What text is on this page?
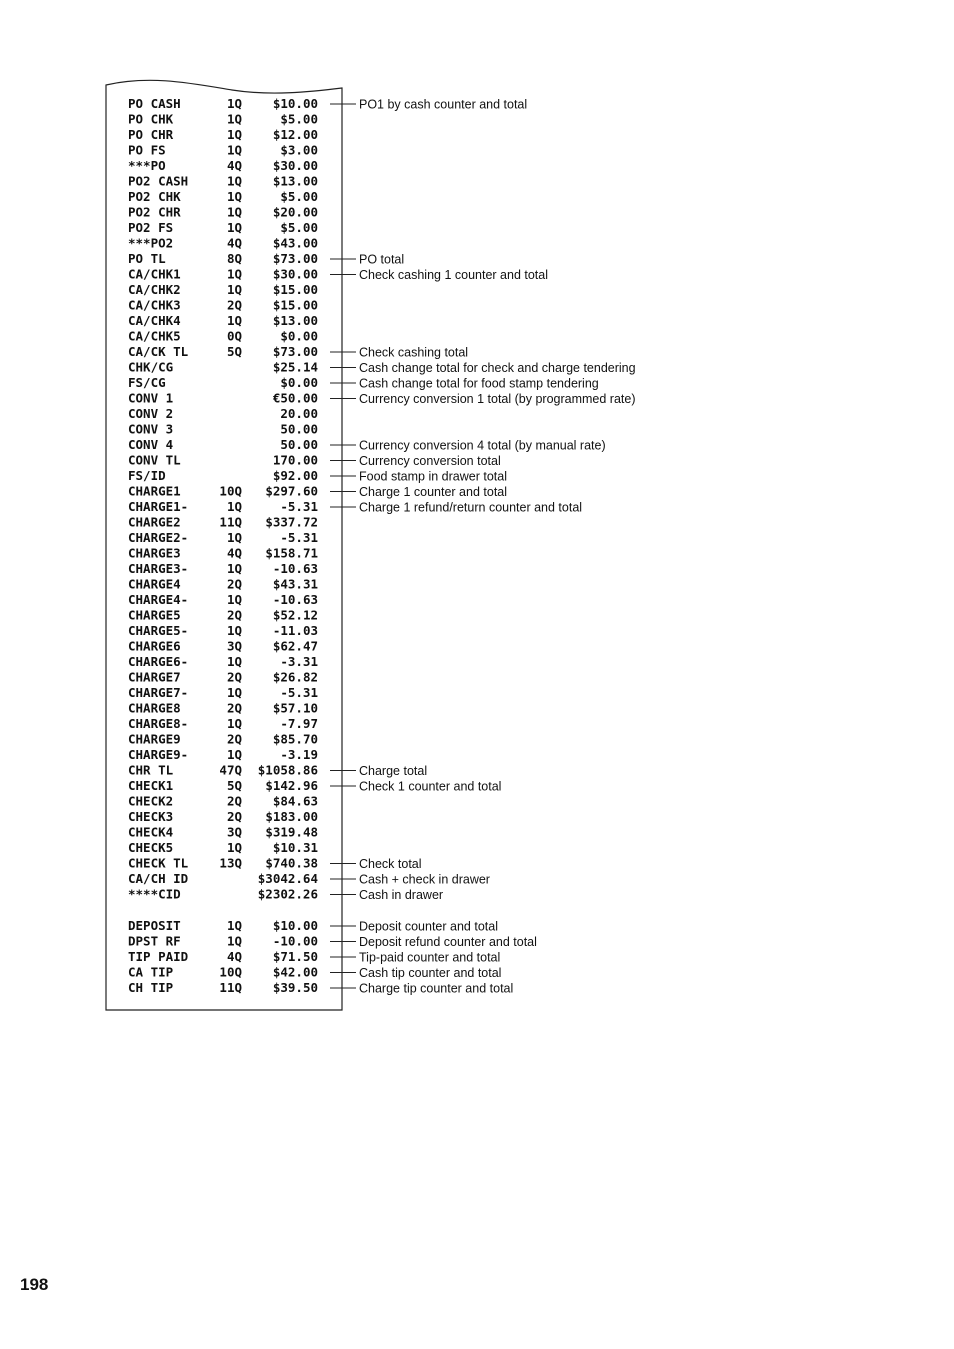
PO CASH	1Q $10.00
PO CHK	1Q	$5.00
PO CHR	1Q $12.00
PO FS	1Q	$3.00
***PO	4Q $30.00
PO2 CASH	1Q $13.00
PO2 CHK	1Q	$5.00
PO2 CHR	1Q $20.00
PO2 FS	1Q	$5.00
***PO2	4Q $43.00
PO TL	8Q $73.00
CA/CHK1	1Q $30.00
CA/CHK2	1Q $15.00
CA/CHK3	2Q $15.00
CA/CHK4	1Q $13.00
CA/CHK5	0Q	$0.00
CA/CK TL	5Q $73.00
CHK/CG	$25.14
FS/CG	$0.00
CONV 1	€50.00
CONV 2	20.00
CONV 3	50.00
CONV 4	50.00
CONV TL	170.00
FS/ID	$92.00
CHARGE1	10Q $297.60
CHARGE1-	1Q	-5.31
CHARGE2	11Q $337.72
CHARGE2-	1Q	-5.31
CHARGE3	4Q $158.71
CHARGE3-	1Q -10.63
CHARGE4	2Q $43.31
CHARGE4-	1Q -10.63
CHARGE5	2Q $52.12
CHARGE5-	1Q -11.03
CHARGE6	3Q $62.47
CHARGE6-	1Q	-3.31
CHARGE7	2Q $26.82
CHARGE7-	1Q	-5.31
CHARGE8	2Q $57.10
CHARGE8-	1Q	-7.97
CHARGE9	2Q $85.70
CHARGE9-	1Q	-3.19
CHR TL	47Q $1058.86
CHECK1	5Q $142.96
CHECK2	2Q $84.63
CHECK3	2Q $183.00
CHECK4	3Q $319.48
CHECK5	1Q $10.31
CHECK TL 13Q $740.38
CA/CH ID	$3042.64
****CID	$2302.26
DEPOSIT	1Q $10.00
DPST RF	1Q -10.00
TIP PAID	4Q $71.50
CA TIP	10Q $42.00
CH TIP	11Q $39.50
PO1 by cash counter and total
PO total
Check cashing 1 counter and total
Check cashing total
Cash change total for check and charge tendering
Cash change total for food stamp tendering
Currency conversion 1 total (by programmed rate)
Currency conversion 4 total (by manual rate)
Currency conversion total
Food stamp in drawer total
Charge 1 counter and total
Charge 1 refund/return counter and total
Charge total
Check 1 counter and total
Check total
Cash + check in drawer
Cash in drawer
Deposit counter and total
Deposit refund counter and total
Tip-paid counter and total
Cash tip counter and total
Charge tip counter and total
198
